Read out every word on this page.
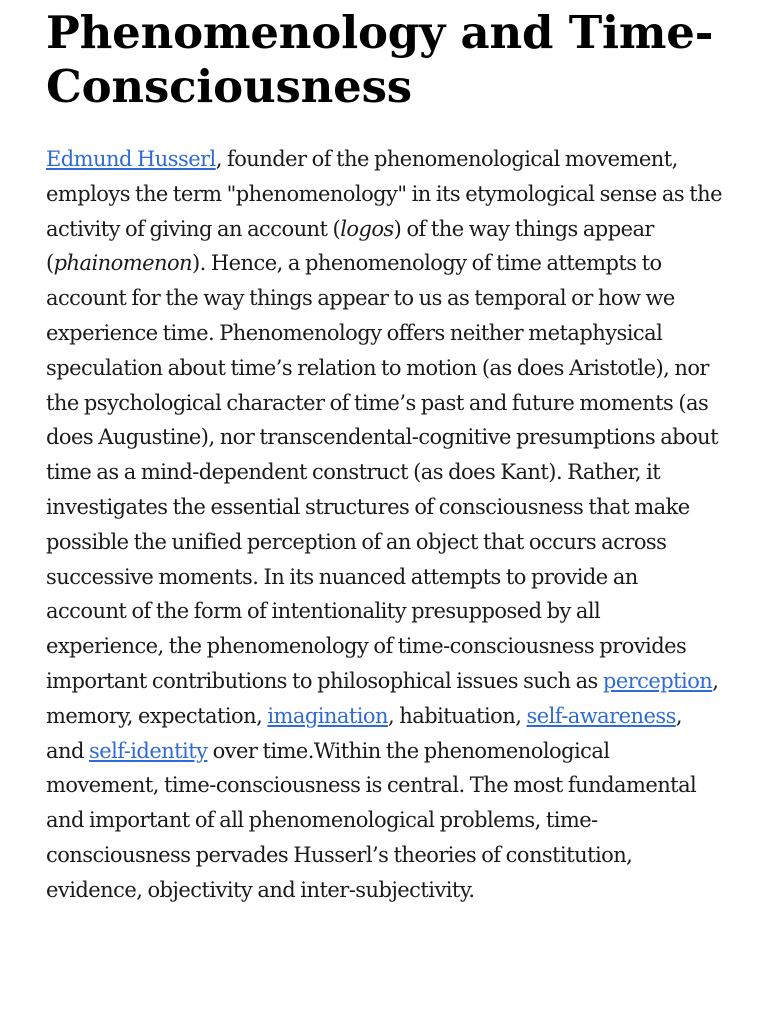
Phenomenology and Time-Consciousness

Edmund Husserl, founder of the phenomenological movement, employs the term "phenomenology" in its etymological sense as the activity of giving an account (logos) of the way things appear (phainomenon). Hence, a phenomenology of time attempts to account for the way things appear to us as temporal or how we experience time. Phenomenology offers neither metaphysical speculation about time’s relation to motion (as does Aristotle), nor the psychological character of time’s past and future moments (as does Augustine), nor transcendental-cognitive presumptions about time as a mind-dependent construct (as does Kant). Rather, it investigates the essential structures of consciousness that make possible the unified perception of an object that occurs across successive moments. In its nuanced attempts to provide an account of the form of intentionality presupposed by all experience, the phenomenology of time-consciousness provides important contributions to philosophical issues such as perception, memory, expectation, imagination, habituation, self-awareness, and self-identity over time.Within the phenomenological movement, time-consciousness is central. The most fundamental and important of all phenomenological problems, time-consciousness pervades Husserl’s theories of constitution, evidence, objectivity and inter-subjectivity.
